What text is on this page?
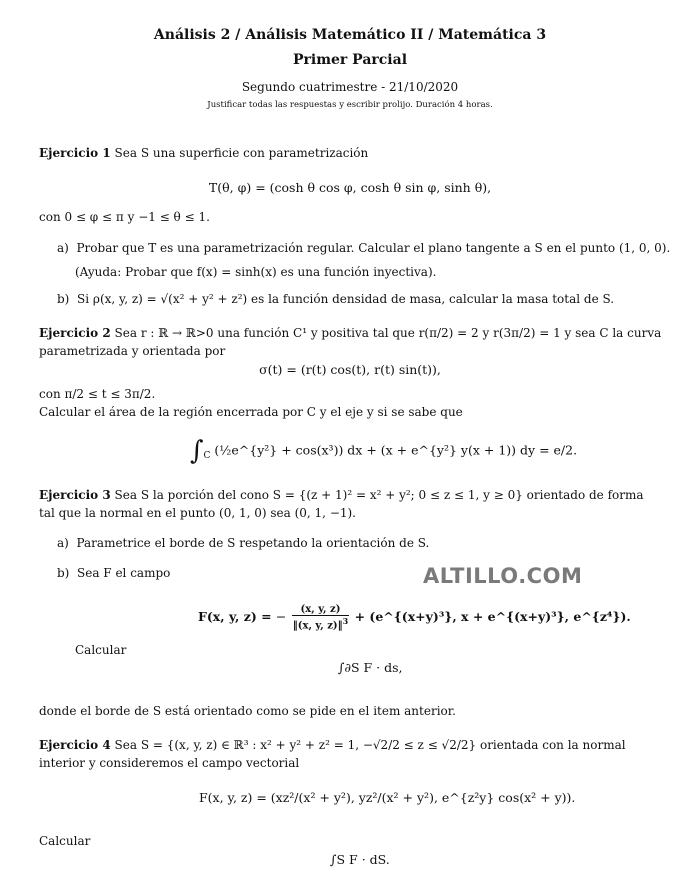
Análisis 2 / Análisis Matemático II / Matemática 3
Primer Parcial
Segundo cuatrimestre - 21/10/2020
Justificar todas las respuestas y escribir prolijo. Duración 4 horas.
Ejercicio 1 Sea S una superficie con parametrización
T(θ, φ) = (cosh θ cos φ, cosh θ sin φ, sinh θ),
con 0 ≤ φ ≤ π y −1 ≤ θ ≤ 1.
a) Probar que T es una parametrización regular. Calcular el plano tangente a S en el punto (1, 0, 0).
(Ayuda: Probar que f(x) = sinh(x) es una función inyectiva).
b) Si ρ(x, y, z) = √(x² + y² + z²) es la función densidad de masa, calcular la masa total de S.
Ejercicio 2 Sea r : ℝ → ℝ>0 una función C¹ y positiva tal que r(π/2) = 2 y r(3π/2) = 1 y sea C la curva
parametrizada y orientada por
σ(t) = (r(t) cos(t), r(t) sin(t)),
con π/2 ≤ t ≤ 3π/2.
Calcular el área de la región encerrada por C y el eje y si se sabe que
$\int_C$ (½e^{y²} + cos(x³)) dx + (x + e^{y²} y(x + 1)) dy = e/2.
Ejercicio 3 Sea S la porción del cono S = {(z + 1)² = x² + y²; 0 ≤ z ≤ 1, y ≥ 0} orientado de forma
tal que la normal en el punto (0, 1, 0) sea (0, 1, −1).
a) Parametrice el borde de S respetando la orientación de S.
b) Sea F el campo	ALTILLO.COM
F(x, y, z) = − $\frac{(x, y, z)}{‖(x, y, z)‖^3}$ + (e^{(x+y)³}, x + e^{(x+y)³}, e^{z⁴}).
Calcular
∫∂S F · ds,
donde el borde de S está orientado como se pide en el item anterior.
Ejercicio 4 Sea S = {(x, y, z) ∈ ℝ³ : x² + y² + z² = 1, −√2/2 ≤ z ≤ √2/2} orientada con la normal
interior y consideremos el campo vectorial
F(x, y, z) = (xz²/(x² + y²), yz²/(x² + y²), e^{z²y} cos(x² + y)).
Calcular
∫S F · dS.
